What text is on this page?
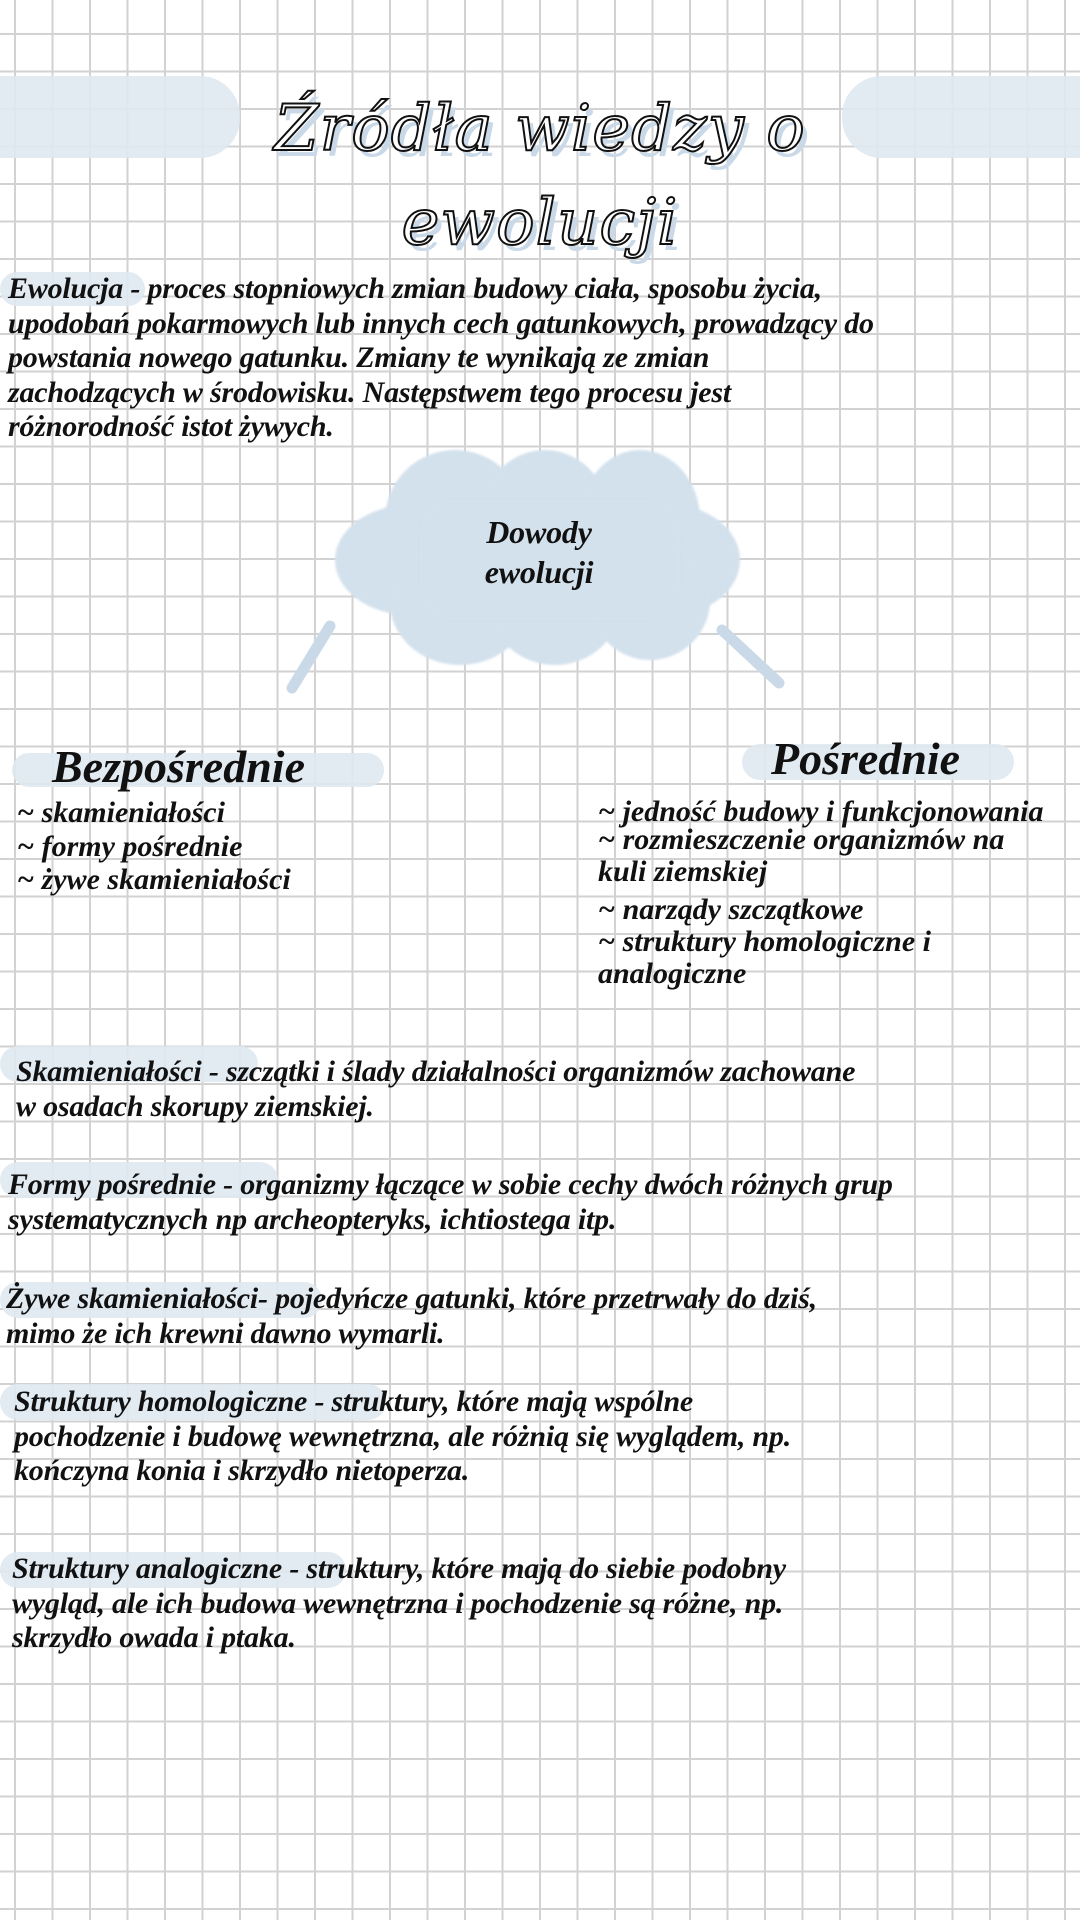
Źródła wiedzy o
ewolucji
Ewolucja - proces stopniowych zmian budowy ciała, sposobu życia,
upodobań pokarmowych lub innych cech gatunkowych, prowadzący do
powstania nowego gatunku. Zmiany te wynikają ze zmian
zachodzących w środowisku. Następstwem tego procesu jest
różnorodność istot żywych.
Dowody
ewolucji
Bezpośrednie	Pośrednie
~ skamieniałości
~ formy pośrednie
~ żywe skamieniałości
~ jedność budowy i funkcjonowania
~ rozmieszczenie organizmów na
kuli ziemskiej
~ narządy szczątkowe
~ struktury homologiczne i
analogiczne
Skamieniałości - szczątki i ślady działalności organizmów zachowane
w osadach skorupy ziemskiej.
Formy pośrednie - organizmy łączące w sobie cechy dwóch różnych grup
systematycznych np archeopteryks, ichtiostega itp.
Żywe skamieniałości- pojedyńcze gatunki, które przetrwały do dziś,
mimo że ich krewni dawno wymarli.
Struktury homologiczne - struktury, które mają wspólne
pochodzenie i budowę wewnętrzna, ale różnią się wyglądem, np.
kończyna konia i skrzydło nietoperza.
Struktury analogiczne - struktury, które mają do siebie podobny
wygląd, ale ich budowa wewnętrzna i pochodzenie są różne, np.
skrzydło owada i ptaka.
